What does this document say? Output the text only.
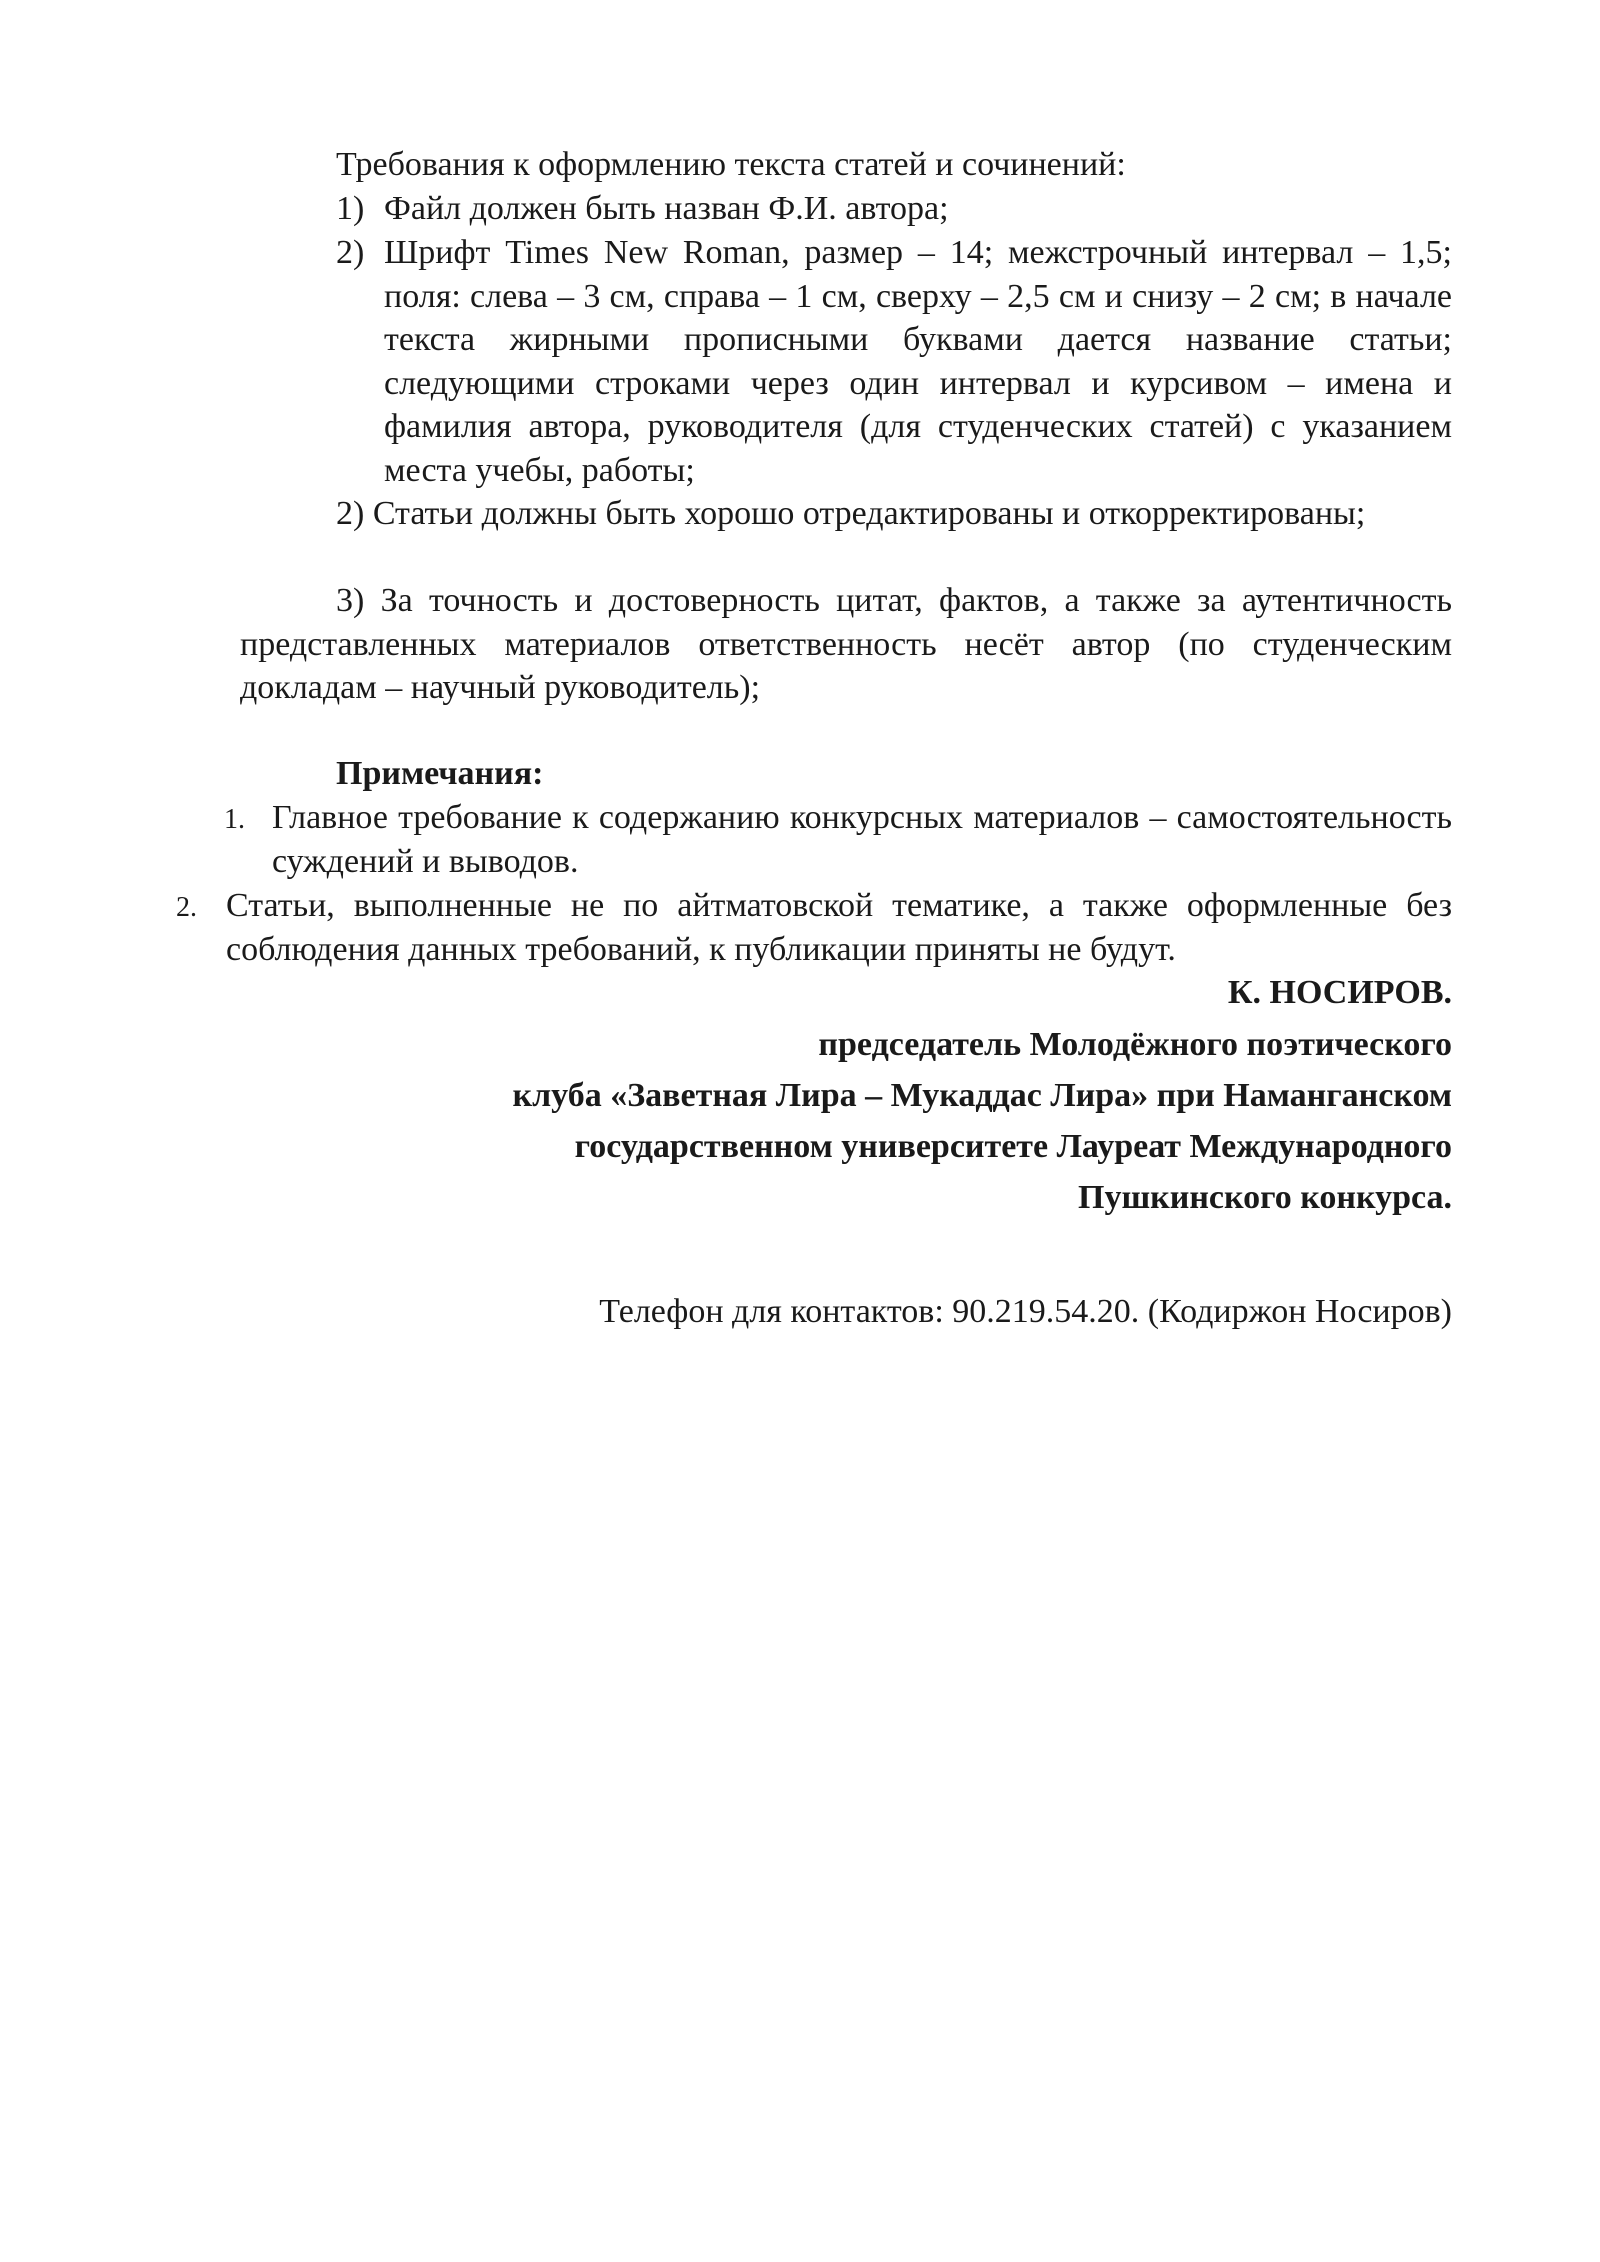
Требования к оформлению текста статей и сочинений:
1) Файл должен быть назван Ф.И. автора;
2) Шрифт Times New Roman, размер – 14; межстрочный интервал – 1,5; поля: слева – 3 см, справа – 1 см, сверху – 2,5 см и снизу – 2 см; в начале текста жирными прописными буквами дается название статьи; следующими строками через один интервал и курсивом – имена и фамилия автора, руководителя (для студенческих статей) с указанием места учебы, работы;
2) Статьи должны быть хорошо отредактированы и откорректированы;
3) За точность и достоверность цитат, фактов, а также за аутентичность представленных материалов ответственность несёт автор (по студенческим докладам – научный руководитель);
Примечания:
1. Главное требование к содержанию конкурсных материалов – самостоятельность суждений и выводов.
2. Статьи, выполненные не по айтматовской тематике, а также оформленные без соблюдения данных требований, к публикации приняты не будут.
К. НОСИРОВ.
председатель Молодёжного поэтического
клуба «Заветная Лира – Мукаддас Лира» при Наманганском
государственном университете Лауреат Международного
Пушкинского конкурса.
Телефон для контактов: 90.219.54.20. (Кодиржон Носиров)
